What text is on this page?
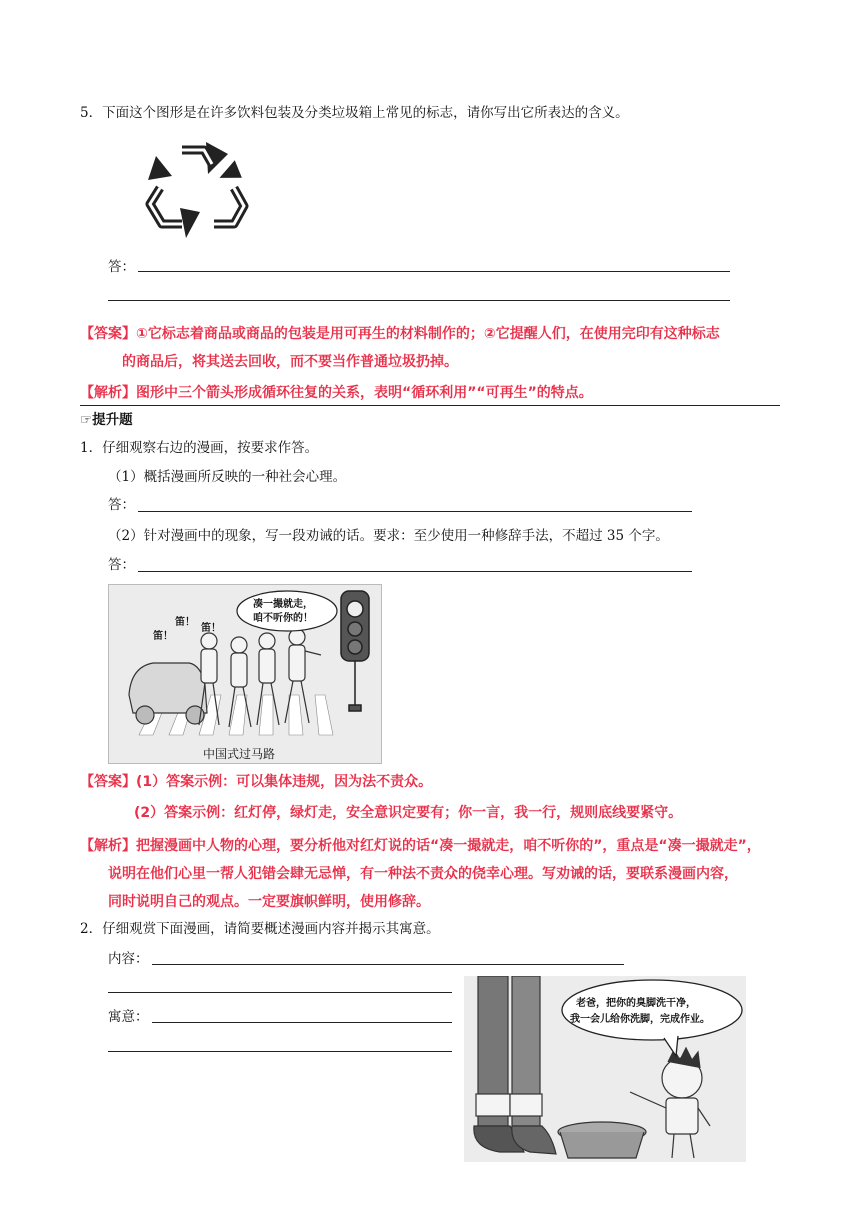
5．下面这个图形是在许多饮料包装及分类垃圾箱上常见的标志，请你写出它所表达的含义。
答：
【答案】①它标志着商品或商品的包装是用可再生的材料制作的；②它提醒人们，在使用完印有这种标志
的商品后，将其送去回收，而不要当作普通垃圾扔掉。
【解析】图形中三个箭头形成循环往复的关系，表明“循环利用”“可再生”的特点。
☞提升题
1．仔细观察右边的漫画，按要求作答。
（1）概括漫画所反映的一种社会心理。
答：
（2）针对漫画中的现象，写一段劝诫的话。要求：至少使用一种修辞手法，不超过 35 个字。
答：
凑一撮就走，
咱不听你的！
笛！
笛！
笛！
中国式过马路
【答案】(1）答案示例：可以集体违规，因为法不责众。
(2）答案示例：红灯停，绿灯走，安全意识定要有；你一言，我一行，规则底线要紧守。
【解析】把握漫画中人物的心理，要分析他对红灯说的话“凑一撮就走，咱不听你的”，重点是“凑一撮就走”，
说明在他们心里一帮人犯错会肆无忌惮，有一种法不责众的侥幸心理。写劝诫的话，要联系漫画内容，
同时说明自己的观点。一定要旗帜鲜明，使用修辞。
2．仔细观赏下面漫画，请简要概述漫画内容并揭示其寓意。
内容：
寓意：
老爸，把你的臭脚洗干净，
我一会儿给你洗脚，完成作业。
